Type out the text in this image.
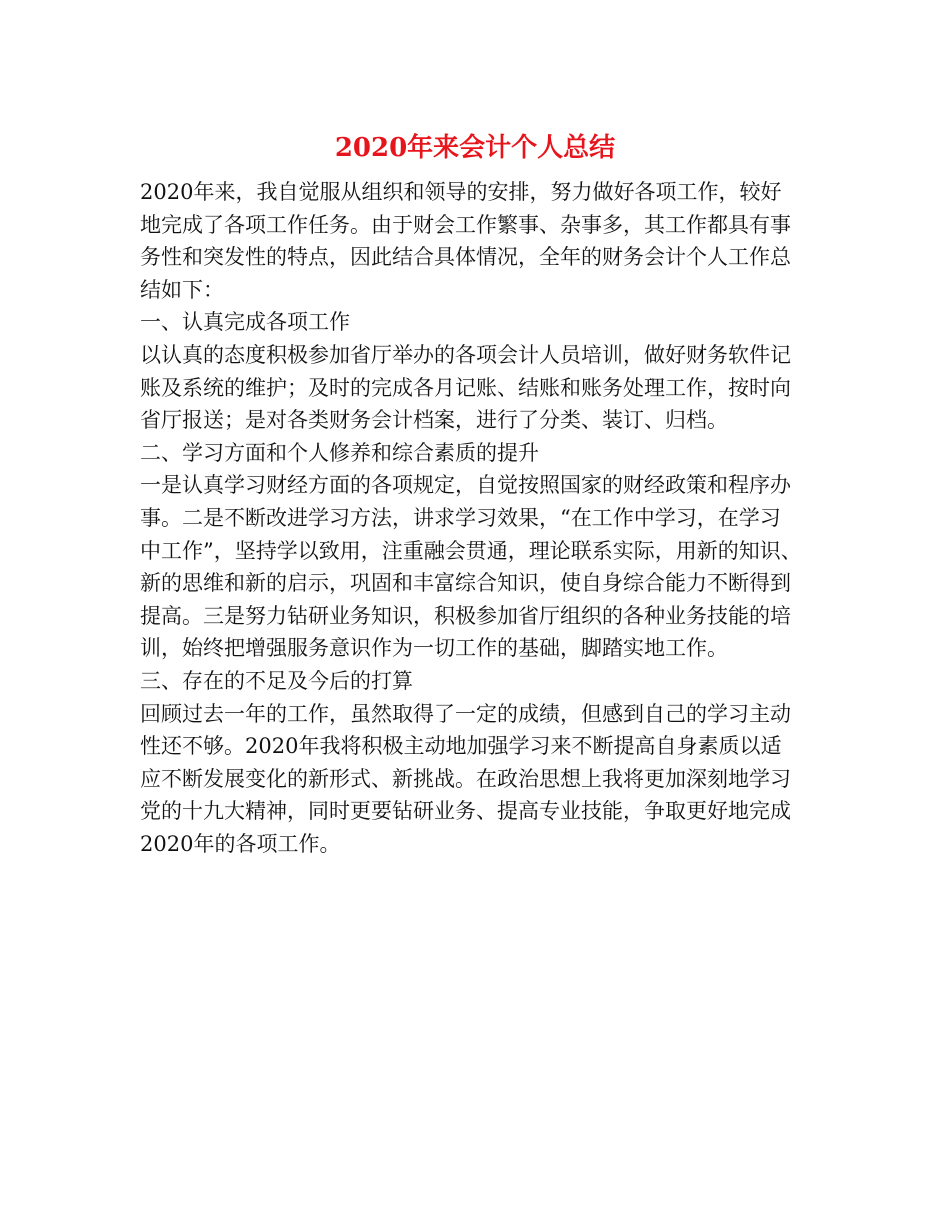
2020年来会计个人总结
2020年来，我自觉服从组织和领导的安排，努力做好各项工作，较好
地完成了各项工作任务。由于财会工作繁事、杂事多，其工作都具有事
务性和突发性的特点，因此结合具体情况，全年的财务会计个人工作总
结如下：
一、认真完成各项工作
以认真的态度积极参加省厅举办的各项会计人员培训，做好财务软件记
账及系统的维护；及时的完成各月记账、结账和账务处理工作，按时向
省厅报送；是对各类财务会计档案，进行了分类、装订、归档。
二、学习方面和个人修养和综合素质的提升
一是认真学习财经方面的各项规定，自觉按照国家的财经政策和程序办
事。二是不断改进学习方法，讲求学习效果，“在工作中学习，在学习
中工作”，坚持学以致用，注重融会贯通，理论联系实际，用新的知识、
新的思维和新的启示，巩固和丰富综合知识，使自身综合能力不断得到
提高。三是努力钻研业务知识，积极参加省厅组织的各种业务技能的培
训，始终把增强服务意识作为一切工作的基础，脚踏实地工作。
三、存在的不足及今后的打算
回顾过去一年的工作，虽然取得了一定的成绩，但感到自己的学习主动
性还不够。2020年我将积极主动地加强学习来不断提高自身素质以适
应不断发展变化的新形式、新挑战。在政治思想上我将更加深刻地学习
党的十九大精神，同时更要钻研业务、提高专业技能，争取更好地完成
2020年的各项工作。
